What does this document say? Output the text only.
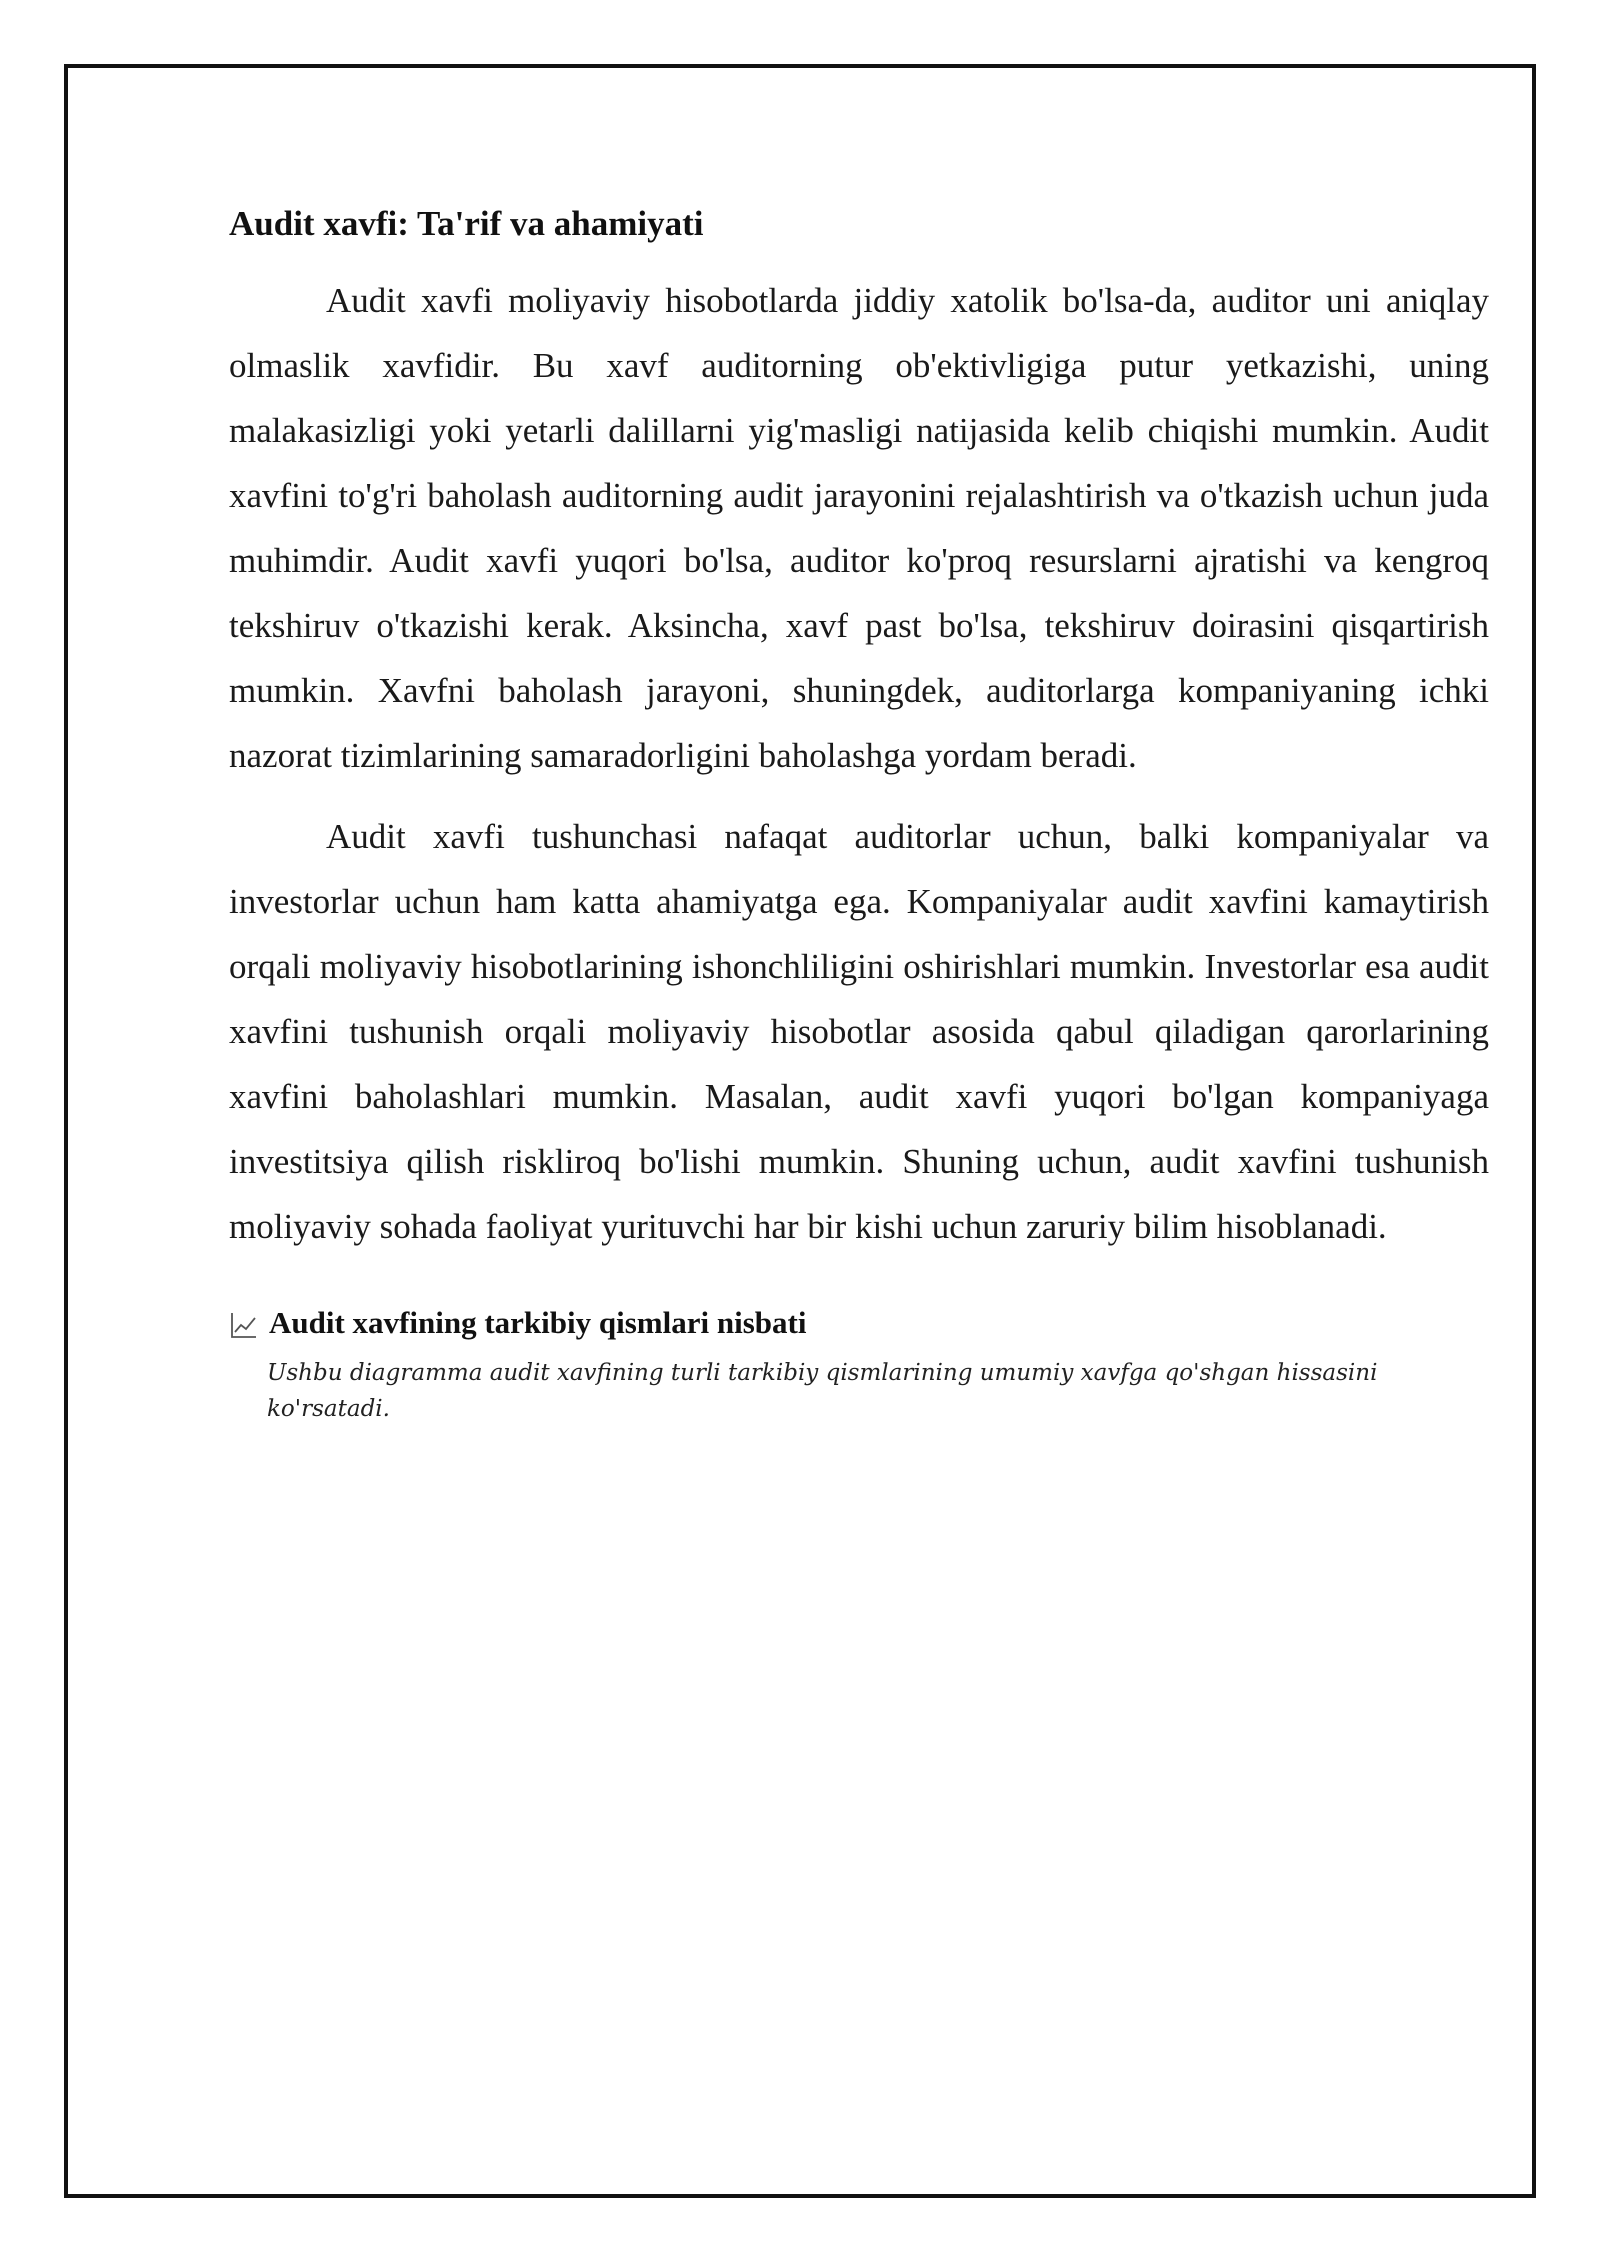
Audit xavfi: Ta'rif va ahamiyati

Audit xavfi moliyaviy hisobotlarda jiddiy xatolik bo'lsa-da, auditor uni aniqlay olmaslik xavfidir. Bu xavf auditorning ob'ektivligiga putur yetkazishi, uning malakasizligi yoki yetarli dalillarni yig'masligi natijasida kelib chiqishi mumkin. Audit xavfini to'g'ri baholash auditorning audit jarayonini rejalashtirish va o'tkazish uchun juda muhimdir. Audit xavfi yuqori bo'lsa, auditor ko'proq resurslarni ajratishi va kengroq tekshiruv o'tkazishi kerak. Aksincha, xavf past bo'lsa, tekshiruv doirasini qisqartirish mumkin. Xavfni baholash jarayoni, shuningdek, auditorlarga kompaniyaning ichki nazorat tizimlarining samaradorligini baholashga yordam beradi.

Audit xavfi tushunchasi nafaqat auditorlar uchun, balki kompaniyalar va investorlar uchun ham katta ahamiyatga ega. Kompaniyalar audit xavfini kamaytirish orqali moliyaviy hisobotlarining ishonchliligini oshirishlari mumkin. Investorlar esa audit xavfini tushunish orqali moliyaviy hisobotlar asosida qabul qiladigan qarorlarining xavfini baholashlari mumkin. Masalan, audit xavfi yuqori bo'lgan kompaniyaga investitsiya qilish riskliroq bo'lishi mumkin. Shuning uchun, audit xavfini tushunish moliyaviy sohada faoliyat yurituvchi har bir kishi uchun zaruriy bilim hisoblanadi.

Audit xavfining tarkibiy qismlari nisbati
Ushbu diagramma audit xavfining turli tarkibiy qismlarining umumiy xavfga qo'shgan hissasini ko'rsatadi.
